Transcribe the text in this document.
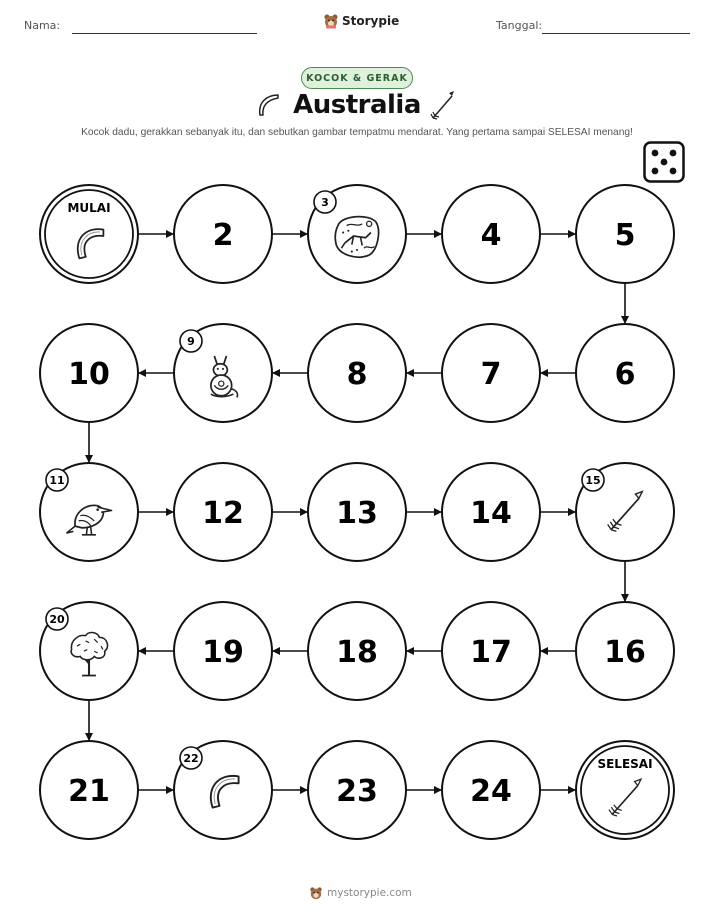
Nama:	Storypie	Tanggal:
KOCOK & GERAK
Australia
Kocok dadu, gerakkan sebanyak itu, dan sebutkan gambar tempatmu mendarat. Yang pertama sampai SELESAI menang!
MULAI
2
3
4	5
10
9
8	7	6
11
12	13	14
15
20
19	18	17	16
21
22
23	24
SELESAI
mystorypie.com
